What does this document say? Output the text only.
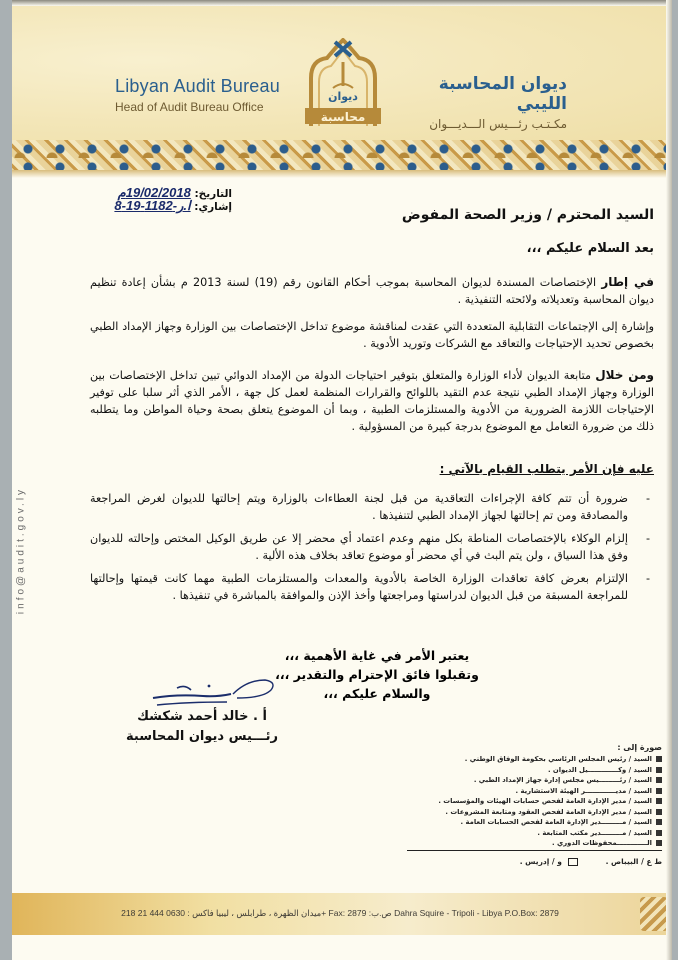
Libyan Audit Bureau
Head of Audit Bureau Office
ديوان
محاسبة
ديوان المحاسبة الليبي
مكـتـب رئـــيس الـــديـــوان
التاريخ: 19/02/2018م
إشاري: ا.ر-1182-19-8
السيد المحترم / وزير الصحة المفوض
بعد السلام عليكم ،،،
في إطار الإختصاصات المسندة لديوان المحاسبة بموجب أحكام القانون رقم (19) لسنة 2013 م بشأن إعادة تنظيم ديوان المحاسبة وتعديلاته ولائحته التنفيذية .
وإشارة إلى الإجتماعات التقابلية المتعددة التي عقدت لمناقشة موضوع تداخل الإختصاصات بين الوزارة وجهاز الإمداد الطبي بخصوص تحديد الإحتياجات والتعاقد مع الشركات وتوريد الأدوية .
ومن خلال متابعة الديوان لأداء الوزارة والمتعلق بتوفير احتياجات الدولة من الإمداد الدوائي تبين تداخل الإختصاصات بين الوزارة وجهاز الإمداد الطبي نتيجة عدم التقيد باللوائح والقرارات المنظمة لعمل كل جهة ، الأمر الذي أثر سلبا على توفير الإحتياجات اللازمة الضرورية من الأدوية والمستلزمات الطبية ، وبما أن الموضوع يتعلق بصحة وحياة المواطن وما يتطلبه ذلك من ضرورة التعامل مع الموضوع بدرجة كبيرة من المسؤولية .
عليه فإن الأمر يتطلب القيام بالآتي :
-
ضرورة أن تتم كافة الإجراءات التعاقدية من قبل لجنة العطاءات بالوزارة ويتم إحالتها للديوان لغرض المراجعة والمصادقة ومن تم إحالتها لجهاز الإمداد الطبي لتنفيذها .
-
إلزام الوكلاء بالإختصاصات المناطة بكل منهم وعدم اعتماد أي محضر إلا عن طريق الوكيل المختص وإحالته للديوان وفق هذا السياق ، ولن يتم البث في أي محضر أو موضوع تعاقد بخلاف هذه الألية .
-
الإلتزام بعرض كافة تعاقدات الوزارة الخاصة بالأدوية والمعدات والمستلزمات الطبية مهما كانت قيمتها وإحالتها للمراجعة المسبقة من قبل الديوان لدراستها ومراجعتها وأخذ الإذن والموافقة بالمباشرة في تنفيذها .
يعتبر الأمر في غاية الأهمية ،،،
وتقبلوا فائق الإحترام والتقدير ،،،
والسلام عليكم ،،،
أ . خالد أحمد شكشك
رئـــيس ديوان المحاسبة
صورة إلى :
السيد / رئيس المجلس الرئاسي بحكومة الوفاق الوطني .
السيد / وكـــــــــــــيل الديوان .
السيد / رئـــــــــيس مجلس إدارة جهاز الإمداد الطبي .
السيد / مديـــــــــــــر الهيئة الاستشارية .
السيد / مدير الإدارة العامة لفحص حسابات الهيئات والمؤسسات .
السيد / مدير الإدارة العامة لفحص العقود ومتابعة المشروعات .
السيد / مـــــــــدير الإدارة العامة لفحص الحسابات العامة .
السيد / مـــــــــدير مكتب المتابعة .
الـــــــــــــمحفوظات الدوري .
ط ع / البيباص .
و / إدريس .
info@audit.gov.ly
ميدان الظهرة ، طرابلس ، ليبيا فاكس : 0630 444 21 218+ Fax: ص.ب: 2879 Dahra Squire - Tripoli - Libya P.O.Box: 2879
